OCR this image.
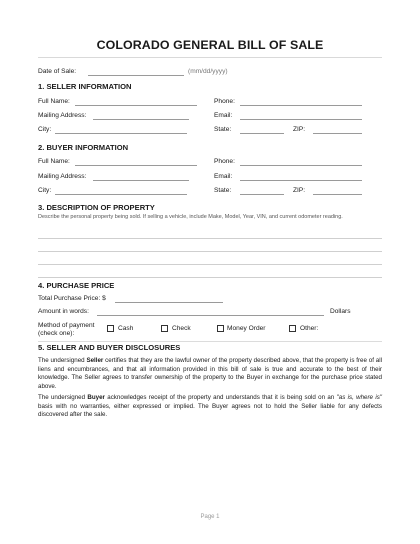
COLORADO GENERAL BILL OF SALE
Date of Sale:	(mm/dd/yyyy)
1. SELLER INFORMATION
Full Name:	Phone:
Mailing Address:	Email:
City:	State:	ZIP:
2. BUYER INFORMATION
Full Name:	Phone:
Mailing Address:	Email:
City:	State:	ZIP:
3. DESCRIPTION OF PROPERTY
Describe the personal property being sold. If selling a vehicle, include Make, Model, Year, VIN, and current odometer reading.
4. PURCHASE PRICE
Total Purchase Price: $
Amount in words:	Dollars
Method of payment
(check one):
Cash	Check	Money Order	Other:
5. SELLER AND BUYER DISCLOSURES
The undersigned Seller certifies that they are the lawful owner of the property described above, that the property is free of all liens and encumbrances, and that all information provided in this bill of sale is true and accurate to the best of their knowledge. The Seller agrees to transfer ownership of the property to the Buyer in exchange for the purchase price stated above.
The undersigned Buyer acknowledges receipt of the property and understands that it is being sold on an "as is, where is" basis with no warranties, either expressed or implied. The Buyer agrees not to hold the Seller liable for any defects discovered after the sale.
Page 1
